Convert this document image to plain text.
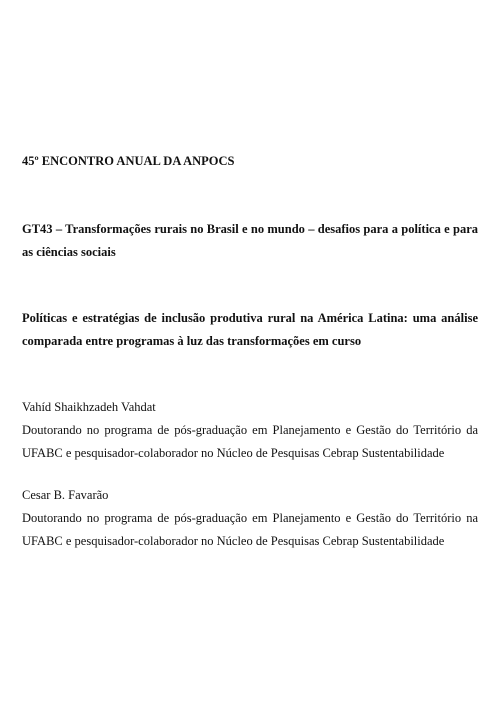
45º ENCONTRO ANUAL DA ANPOCS

GT43 – Transformações rurais no Brasil e no mundo – desafios para a política e para as ciências sociais

Políticas e estratégias de inclusão produtiva rural na América Latina: uma análise comparada entre programas à luz das transformações em curso

Vahíd Shaikhzadeh Vahdat
Doutorando no programa de pós-graduação em Planejamento e Gestão do Território da UFABC e pesquisador-colaborador no Núcleo de Pesquisas Cebrap Sustentabilidade
Cesar B. Favarão
Doutorando no programa de pós-graduação em Planejamento e Gestão do Território na UFABC e pesquisador-colaborador no Núcleo de Pesquisas Cebrap Sustentabilidade
